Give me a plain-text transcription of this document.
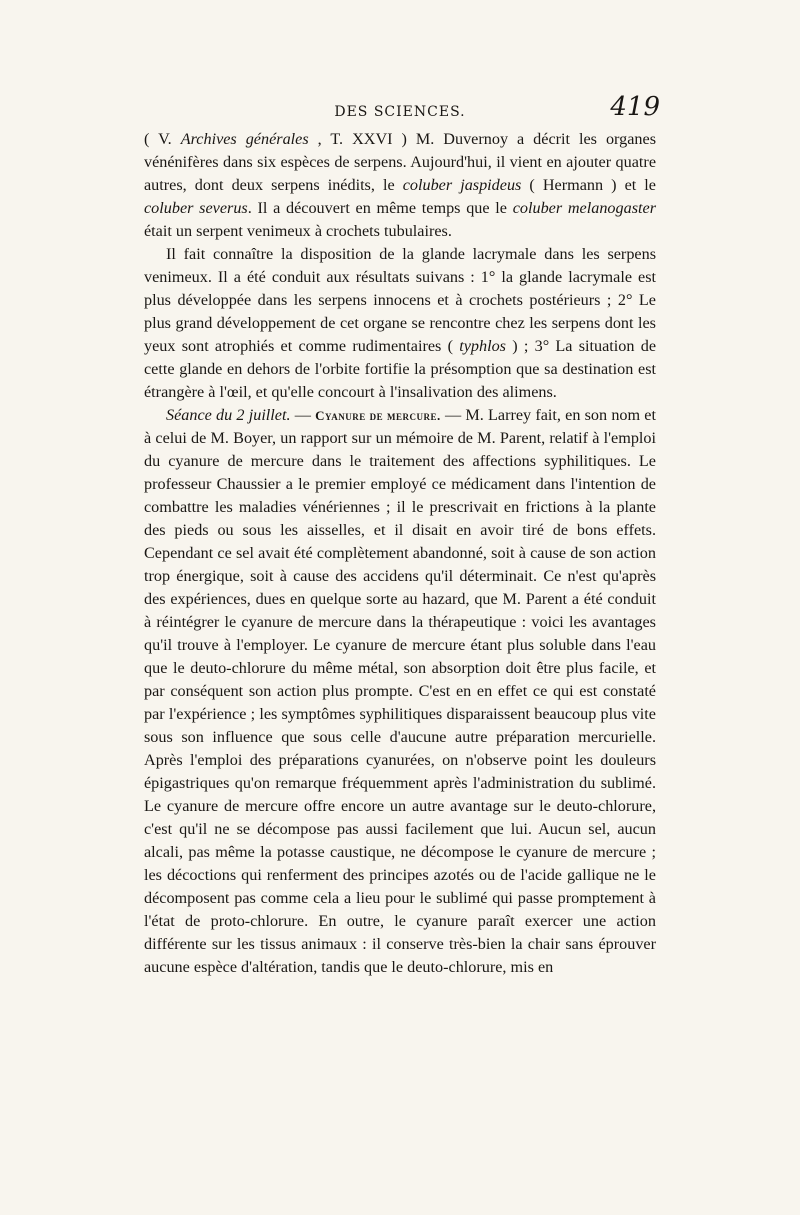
DES SCIENCES.	419

( V. Archives générales , T. XXVI ) M. Duvernoy a décrit les organes vénénifères dans six espèces de serpens. Aujourd'hui, il vient en ajouter quatre autres, dont deux serpens inédits, le coluber jaspideus ( Hermann ) et le coluber severus. Il a découvert en même temps que le coluber melanogaster était un serpent venimeux à crochets tubulaires.

Il fait connaître la disposition de la glande lacrymale dans les serpens venimeux. Il a été conduit aux résultats suivans : 1° la glande lacrymale est plus développée dans les serpens innocens et à crochets postérieurs ; 2° Le plus grand développement de cet organe se rencontre chez les serpens dont les yeux sont atrophiés et comme rudimentaires ( typhlos ) ; 3° La situation de cette glande en dehors de l'orbite fortifie la présomption que sa destination est étrangère à l'œil, et qu'elle concourt à l'insalivation des alimens.

Séance du 2 juillet. — Cyanure de mercure. — M. Larrey fait, en son nom et à celui de M. Boyer, un rapport sur un mémoire de M. Parent, relatif à l'emploi du cyanure de mercure dans le traitement des affections syphilitiques. Le professeur Chaussier a le premier employé ce médicament dans l'intention de combattre les maladies vénériennes ; il le prescrivait en frictions à la plante des pieds ou sous les aisselles, et il disait en avoir tiré de bons effets. Cependant ce sel avait été complètement abandonné, soit à cause de son action trop énergique, soit à cause des accidens qu'il déterminait. Ce n'est qu'après des expériences, dues en quelque sorte au hazard, que M. Parent a été conduit à réintégrer le cyanure de mercure dans la thérapeutique : voici les avantages qu'il trouve à l'employer. Le cyanure de mercure étant plus soluble dans l'eau que le deuto-chlorure du même métal, son absorption doit être plus facile, et par conséquent son action plus prompte. C'est en en effet ce qui est constaté par l'expérience ; les symptômes syphilitiques disparaissent beaucoup plus vite sous son influence que sous celle d'aucune autre préparation mercurielle. Après l'emploi des préparations cyanurées, on n'observe point les douleurs épigastriques qu'on remarque fréquemment après l'administration du sublimé. Le cyanure de mercure offre encore un autre avantage sur le deuto-chlorure, c'est qu'il ne se décompose pas aussi facilement que lui. Aucun sel, aucun alcali, pas même la potasse caustique, ne décompose le cyanure de mercure ; les décoctions qui renferment des principes azotés ou de l'acide gallique ne le décomposent pas comme cela a lieu pour le sublimé qui passe promptement à l'état de proto-chlorure. En outre, le cyanure paraît exercer une action différente sur les tissus animaux : il conserve très-bien la chair sans éprouver aucune espèce d'altération, tandis que le deuto-chlorure, mis en
